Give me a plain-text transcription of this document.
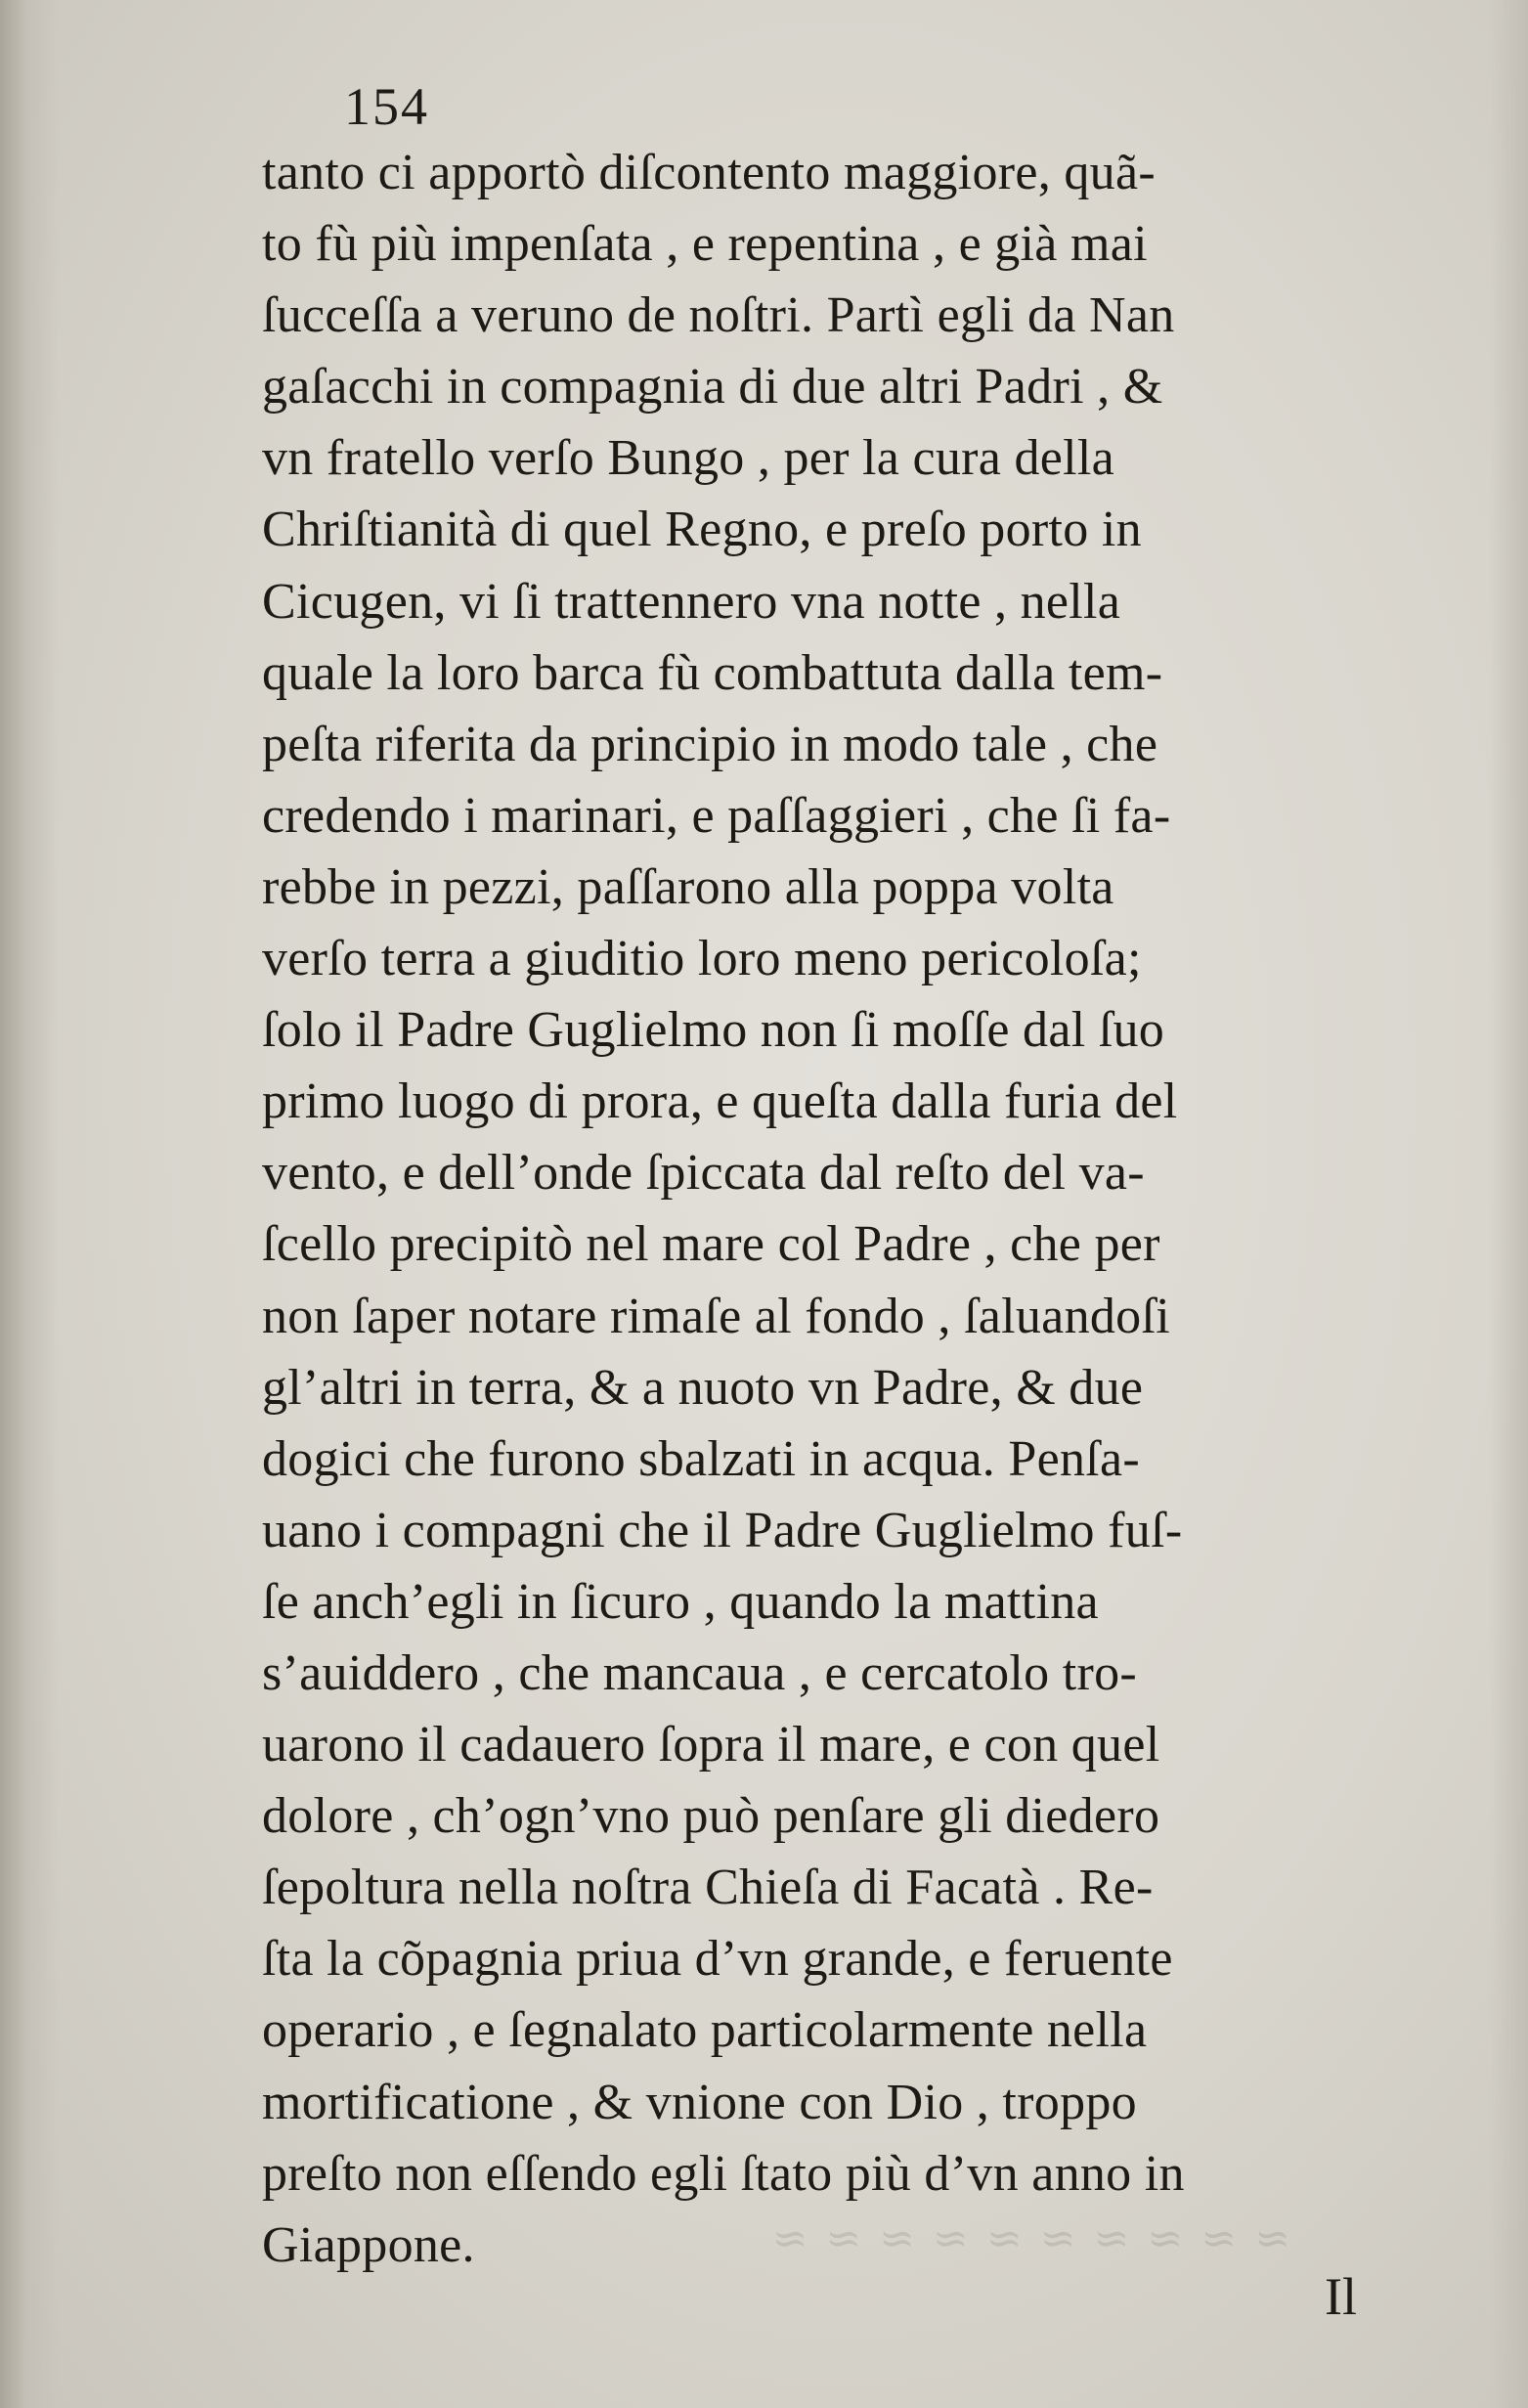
≈ ≈ ≈ ≈ ≈ ≈ ≈ ≈ ≈ ≈
154
tanto ci apportò diſcontento maggiore, quã-
to fù più impenſata , e repentina , e già mai
ſucceſſa a veruno de noſtri. Partì egli da Nan
gaſacchi in compagnia di due altri Padri , &
vn fratello verſo Bungo , per la cura della
Chriſtianità di quel Regno, e preſo porto in
Cicugen, vi ſi trattennero vna notte , nella
quale la loro barca fù combattuta dalla tem-
peſta riferita da principio in modo tale , che
credendo i marinari, e paſſaggieri , che ſi fa-
rebbe in pezzi, paſſarono alla poppa volta
verſo terra a giuditio loro meno pericoloſa;
ſolo il Padre Guglielmo non ſi moſſe dal ſuo
primo luogo di prora, e queſta dalla furia del
vento, e dell’onde ſpiccata dal reſto del va-
ſcello precipitò nel mare col Padre , che per
non ſaper notare rimaſe al fondo , ſaluandoſi
gl’altri in terra, & a nuoto vn Padre, & due
dogici che furono sbalzati in acqua. Penſa-
uano i compagni che il Padre Guglielmo fuſ-
ſe anch’egli in ſicuro , quando la mattina
s’auiddero , che mancaua , e cercatolo tro-
uarono il cadauero ſopra il mare, e con quel
dolore , ch’ogn’vno può penſare gli diedero
ſepoltura nella noſtra Chieſa di Facatà . Re-
ſta la cõpagnia priua d’vn grande, e feruente
operario , e ſegnalato particolarmente nella
mortificatione , & vnione con Dio , troppo
preſto non eſſendo egli ſtato più d’vn anno in
Giappone.
Il
